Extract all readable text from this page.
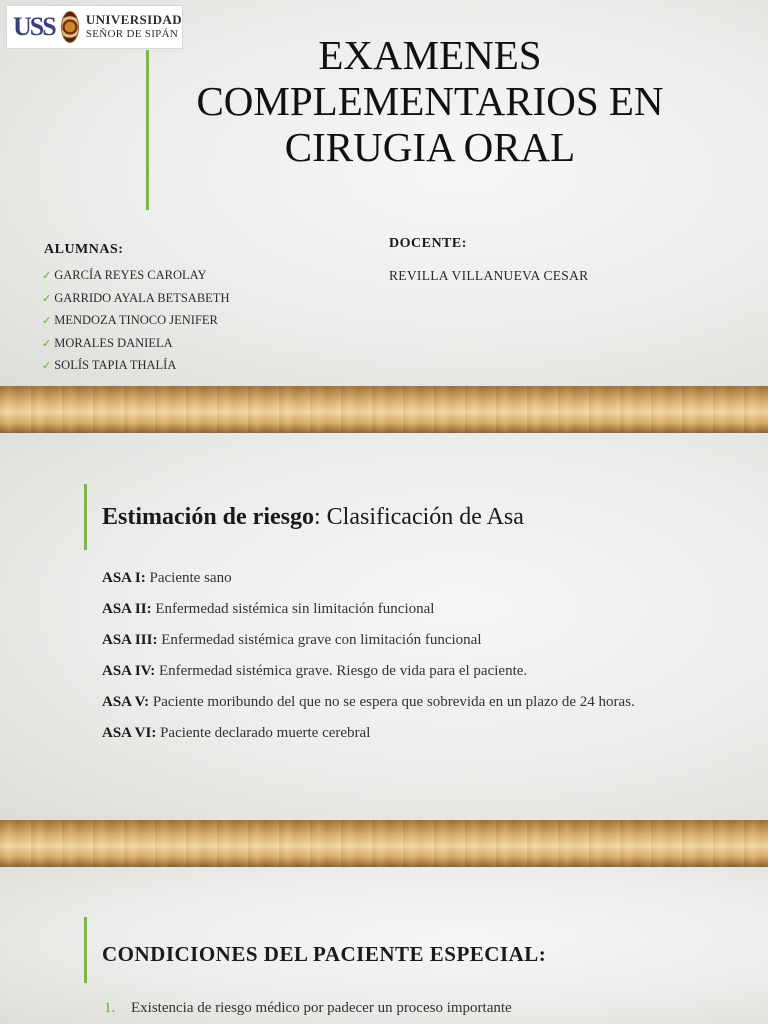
USS UNIVERSIDAD
SEÑOR DE SIPÁN	EXAMENES COMPLEMENTARIOS EN CIRUGIA ORAL
ALUMNAS:
✓ GARCÍA REYES CAROLAY
✓ GARRIDO AYALA BETSABETH
✓ MENDOZA TINOCO JENIFER
✓ MORALES DANIELA
✓ SOLÍS TAPIA THALÍA
DOCENTE:
REVILLA VILLANUEVA CESAR
Estimación de riesgo: Clasificación de Asa
ASA I: Paciente sano
ASA II: Enfermedad sistémica sin limitación funcional
ASA III: Enfermedad sistémica grave con limitación funcional
ASA IV: Enfermedad sistémica grave. Riesgo de vida para el paciente.
ASA V: Paciente moribundo del que no se espera que sobrevida en un plazo de 24 horas.
ASA VI: Paciente declarado muerte cerebral
CONDICIONES DEL PACIENTE ESPECIAL:
1. Existencia de riesgo médico por padecer un proceso importante
